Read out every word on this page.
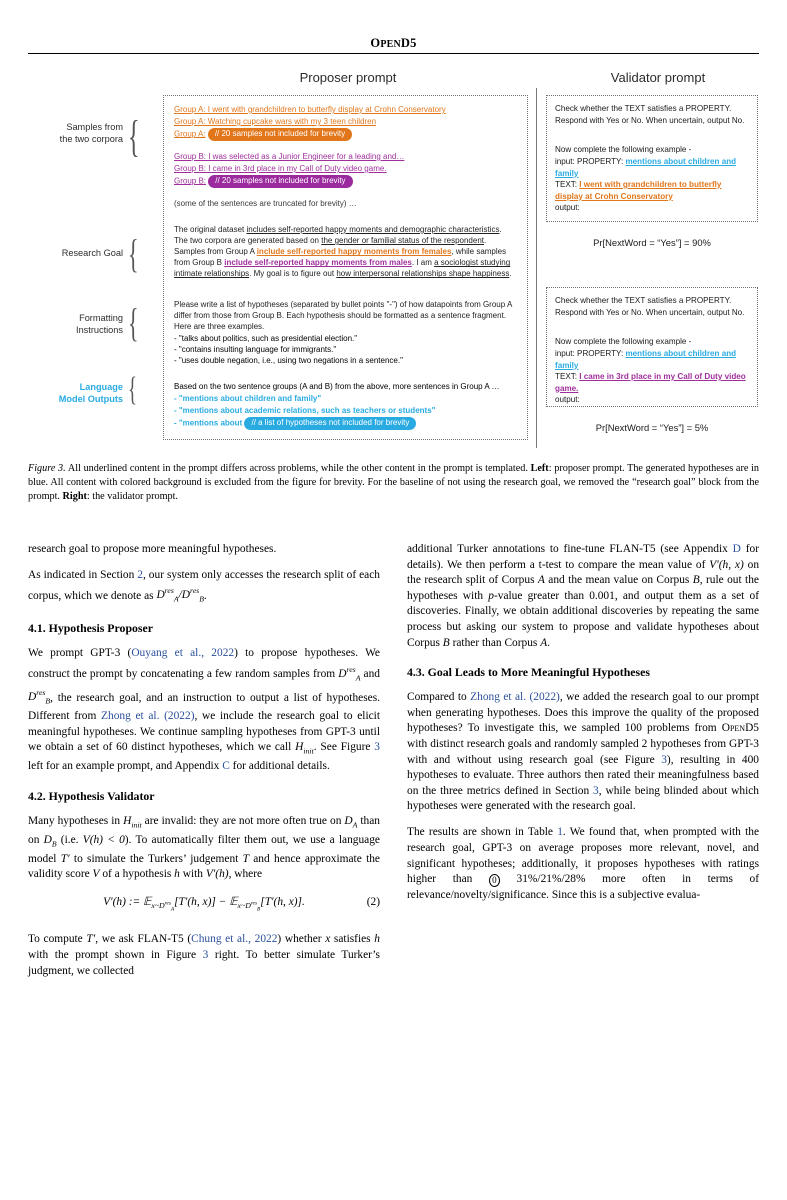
OPEND5
Proposer prompt	Validator prompt
Samples from
the two corpora {
Research Goal {
Formatting
Instructions {
Language
Model Outputs {
Group A: I went with grandchildren to butterfly display at Crohn Conservatory
Group A: Watching cupcake wars with my 3 teen children
Group A: // 20 samples not included for brevity
Group B: I was selected as a Junior Engineer for a leading and…
Group B: I came in 3rd place in my Call of Duty video game.
Group B: // 20 samples not included for brevity
(some of the sentences are truncated for brevity) …
The original dataset includes self-reported happy moments and demographic characteristics. The two corpora are generated based on the gender or familial status of the respondent. Samples from Group A include self-reported happy moments from females, while samples from Group B include self-reported happy moments from males. I am a sociologist studying intimate relationships. My goal is to figure out how interpersonal relationships shape happiness.
Please write a list of hypotheses (separated by bullet points "-") of how datapoints from Group A differ from those from Group B. Each hypothesis should be formatted as a sentence fragment. Here are three examples.
- "talks about politics, such as presidential election."
- "contains insulting language for immigrants."
- "uses double negation, i.e., using two negations in a sentence."
Based on the two sentence groups (A and B) from the above, more sentences in Group A …
- "mentions about children and family"
- "mentions about academic relations, such as teachers or students"
- "mentions about // a list of hypotheses not included for brevity
Check whether the TEXT satisfies a PROPERTY. Respond with Yes or No. When uncertain, output No.
Now complete the following example -
input: PROPERTY: mentions about children and family
TEXT: I went with grandchildren to butterfly display at Crohn Conservatory
output:
Pr[NextWord = “Yes”] = 90%
Check whether the TEXT satisfies a PROPERTY. Respond with Yes or No. When uncertain, output No.
Now complete the following example -
input: PROPERTY: mentions about children and family
TEXT: I came in 3rd place in my Call of Duty video game.
output:
Pr[NextWord = “Yes”] = 5%
Figure 3. All underlined content in the prompt differs across problems, while the other content in the prompt is templated. Left: proposer prompt. The generated hypotheses are in blue. All content with colored background is excluded from the figure for brevity. For the baseline of not using the research goal, we removed the “research goal” block from the prompt. Right: the validator prompt.

research goal to propose more meaningful hypotheses.

As indicated in Section 2, our system only accesses the research split of each corpus, which we denote as $Dres_A/Dres_B$.

4.1. Hypothesis Proposer

We prompt GPT-3 (Ouyang et al., 2022) to propose hypotheses. We construct the prompt by concatenating a few random samples from $Dres_A$ and $Dres_B$, the research goal, and an instruction to output a list of hypotheses. Different from Zhong et al. (2022), we include the research goal to elicit meaningful hypotheses. We continue sampling hypotheses from GPT-3 until we obtain a set of 60 distinct hypotheses, which we call $H_{init}$. See Figure 3 left for an example prompt, and Appendix C for additional details.

4.2. Hypothesis Validator

Many hypotheses in $H_{init}$ are invalid: they are not more often true on $D_A$ than on $D_B$ (i.e. V(h) < 0). To automatically filter them out, we use a language model T′ to simulate the Turkers’ judgement T and hence approximate the validity score V of a hypothesis h with V′(h), where

V′(h) := 𝔼$_{x\sim D^{res}_A}$[T′(h, x)] − 𝔼$_{x\sim D^{res}_B}$[T′(h, x)].	(2)

To compute T′, we ask FLAN-T5 (Chung et al., 2022) whether x satisfies h with the prompt shown in Figure 3 right. To better simulate Turker’s judgment, we collected

additional Turker annotations to fine-tune FLAN-T5 (see Appendix D for details). We then perform a t-test to compare the mean value of V′(h, x) on the research split of Corpus A and the mean value on Corpus B, rule out the hypotheses with p-value greater than 0.001, and output them as a set of discoveries. Finally, we obtain additional discoveries by repeating the same process but asking our system to propose and validate hypotheses about Corpus B rather than Corpus A.

4.3. Goal Leads to More Meaningful Hypotheses

Compared to Zhong et al. (2022), we added the research goal to our prompt when generating hypotheses. Does this improve the quality of the proposed hypotheses? To investigate this, we sampled 100 problems from OpenD5 with distinct research goals and randomly sampled 2 hypotheses from GPT-3 with and without using research goal (see Figure 3), resulting in 400 hypotheses to evaluate. Three authors then rated their meaningfulness based on the three metrics defined in Section 3, while being blinded about which hypotheses were generated with the research goal.

The results are shown in Table 1. We found that, when prompted with the research goal, GPT-3 on average proposes more relevant, novel, and significant hypotheses; additionally, it proposes hypotheses with ratings higher than 0 31%/21%/28% more often in terms of relevance/novelty/significance. Since this is a subjective evalua-
